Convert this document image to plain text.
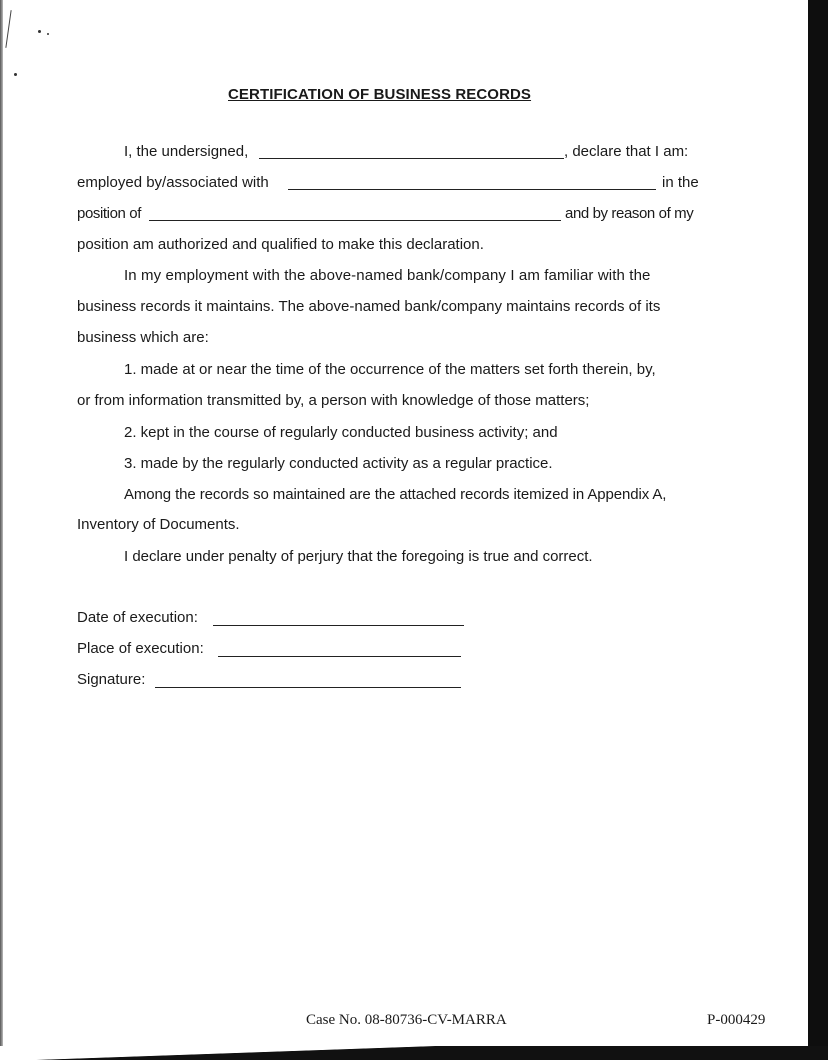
CERTIFICATION OF BUSINESS RECORDS
I, the undersigned,	, declare that I am:
employed by/associated with	in the
position of	and by reason of my
position am authorized and qualified to make this declaration.
In my employment with the above-named bank/company I am familiar with the
business records it maintains. The above-named bank/company maintains records of its
business which are:
1. made at or near the time of the occurrence of the matters set forth therein, by,
or from information transmitted by, a person with knowledge of those matters;
2. kept in the course of regularly conducted business activity; and
3. made by the regularly conducted activity as a regular practice.
Among the records so maintained are the attached records itemized in Appendix A,
Inventory of Documents.
I declare under penalty of perjury that the foregoing is true and correct.
Date of execution:
Place of execution:
Signature:
Case No. 08-80736-CV-MARRA	P-000429
